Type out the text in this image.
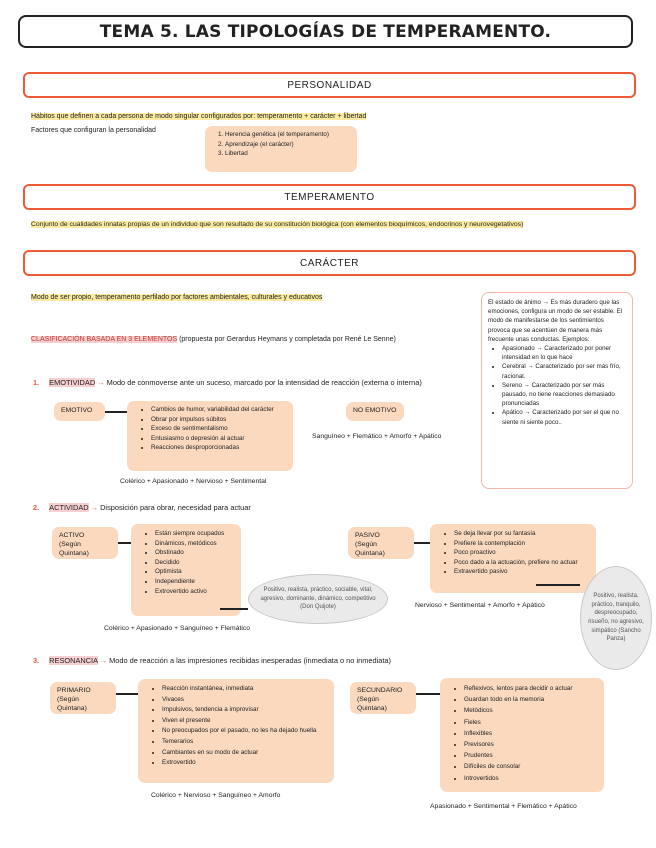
TEMA 5. LAS TIPOLOGÍAS DE TEMPERAMENTO.
PERSONALIDAD
Hábitos que definen a cada persona de modo singular configurados por: temperamento + carácter + libertad
Factores que configuran la personalidad
1. Herencia genética (el temperamento)
2. Aprendizaje (el carácter)
3. Libertad
TEMPERAMENTO
Conjunto de cualidades innatas propias de un individuo que son resultado de su constitución biológica (con elementos bioquímicos, endocrinos y neurovegetativos)
CARÁCTER
Modo de ser propio, temperamento perfilado por factores ambientales, culturales y educativos
CLASIFICACIÓN BASADA EN 3 ELEMENTOS (propuesta por Gerardus Heymans y completada por René Le Senne)
El estado de ánimo → Es más duradero que las emociones, configura un modo de ser estable. El modo de manifestarse de los sentimientos provoca que se acentúen de manera más frecuente unas conductas. Ejemplos:
• Apasionado → Caracterizado por poner intensidad en lo que hace
• Cerebral → Caracterizado por ser más frío, racional.
• Sereno → Caracterizado por ser más pausado, no tiene reacciones demasiado pronunciadas
• Apático → Caracterizado por ser el que no siente ni siente poco..
1. EMOTIVIDAD → Modo de conmoverse ante un suceso, marcado por la intensidad de reacción (externa o interna)
EMOTIVO
•	Cambios de humor, variabilidad del carácter
• Obrar por impulsos súbitos
• Exceso de sentimentalismo
• Entusiasmo o depresión al actuar
• Reacciones desproporcionadas
Colérico + Apasionado + Nervioso + Sentimental
NO EMOTIVO
Sanguíneo + Flemático + Amorfo + Apático
2. ACTIVIDAD → Disposición para obrar, necesidad para actuar
ACTIVO
(Según Quintana)
• Están siempre ocupados
• Dinámicos, metódicos
• Obstinado
• Decidido
• Optimista
• Independiente
• Extrovertido activo	Positivo, realista, práctico, sociable, vital, agresivo, dominante, dinámico, competitivo (Don Quijote)
Colérico + Apasionado + Sanguíneo + Flemático
PASIVO
(Según Quintana)
• Se deja llevar por su fantasía
• Prefiere la contemplación
• Poco proactivo
• Poco dado a la actuación, prefiere no actuar
• Extravertido pasivo
Positivo, realista, práctico, tranquilo, despreocupado, risueño, no agresivo, simpático (Sancho Panza)
Nervioso + Sentimental + Amorfo + Apático
3. RESONANCIA → Modo de reacción a las impresiones recibidas inesperadas (inmediata o no inmediata)
PRIMARIO
(Según Quintana)
• Reacción instantánea, inmediata
• Vivaces
• Impulsivos, tendencia a improvisar
• Viven el presente
• No preocupados por el pasado, no les ha dejado huella
• Temerarios
• Cambiantes en su modo de actuar
• Extrovertido
Colérico + Nervioso + Sanguíneo + Amorfo
SECUNDARIO
(Según Quintana)
• Reflexivos, lentos para decidir o actuar
• Guardan todo en la memoria
• Metódicos
• Fieles
• Inflexibles
• Previsores
• Prudentes
• Difíciles de consolar
• Introvertidos
Apasionado + Sentimental + Flemático + Apático
